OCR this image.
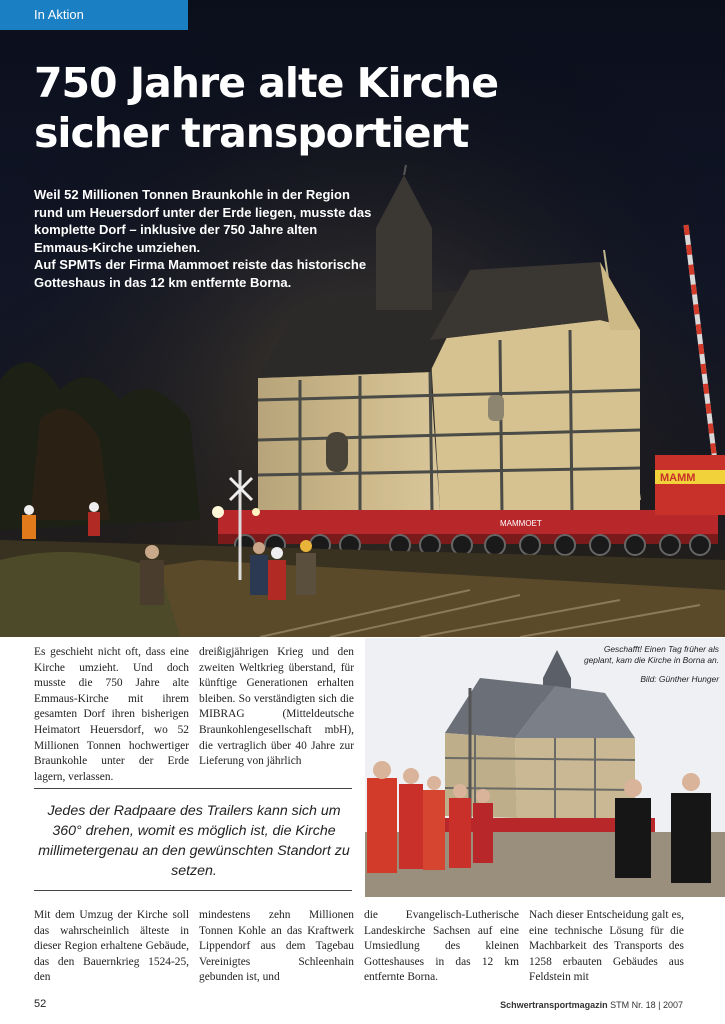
MAMMOET
MAMM
In Aktion
750 Jahre alte Kirche
sicher transportiert

Weil 52 Millionen Tonnen Braunkohle in der Region rund um Heuersdorf unter der Erde liegen, musste das komplette Dorf – inklusive der 750 Jahre alten Emmaus-Kirche umziehen.

Auf SPMTs der Firma Mammoet reiste das historische Gotteshaus in das 12 km entfernte Borna.

Es geschieht nicht oft, dass eine Kirche umzieht. Und doch musste die 750 Jahre alte Emmaus-Kirche mit ihrem gesamten Dorf ihren bisherigen Heimatort Heuersdorf, wo 52 Millionen Tonnen hochwertiger Braunkohle unter der Erde lagern, verlassen.

dreißigjährigen Krieg und den zweiten Weltkrieg überstand, für künftige Generationen erhalten bleiben. So verständigten sich die MIBRAG (Mitteldeutsche Braunkohlengesellschaft mbH), die vertraglich über 40 Jahre zur Lieferung von jährlich

Jedes der Radpaare des Trailers kann sich um 360° drehen, womit es möglich ist, die Kirche millimetergenau an den gewünschten Standort zu setzen.

Geschafft! Einen Tag früher als geplant, kam die Kirche in Borna an.
Bild: Günther Hunger

Mit dem Umzug der Kirche soll das wahrscheinlich älteste in dieser Region erhaltene Gebäude, das den Bauernkrieg 1524-25, den

mindestens zehn Millionen Tonnen Kohle an das Kraftwerk Lippendorf aus dem Tagebau Vereinigtes Schleenhain gebunden ist, und

die Evangelisch-Lutherische Landeskirche Sachsen auf eine Umsiedlung des kleinen Gotteshauses in das 12 km entfernte Borna.

Nach dieser Entscheidung galt es, eine technische Lösung für die Machbarkeit des Transports des 1258 erbauten Gebäudes aus Feldstein mit

52	Schwertransportmagazin STM Nr. 18 | 2007
